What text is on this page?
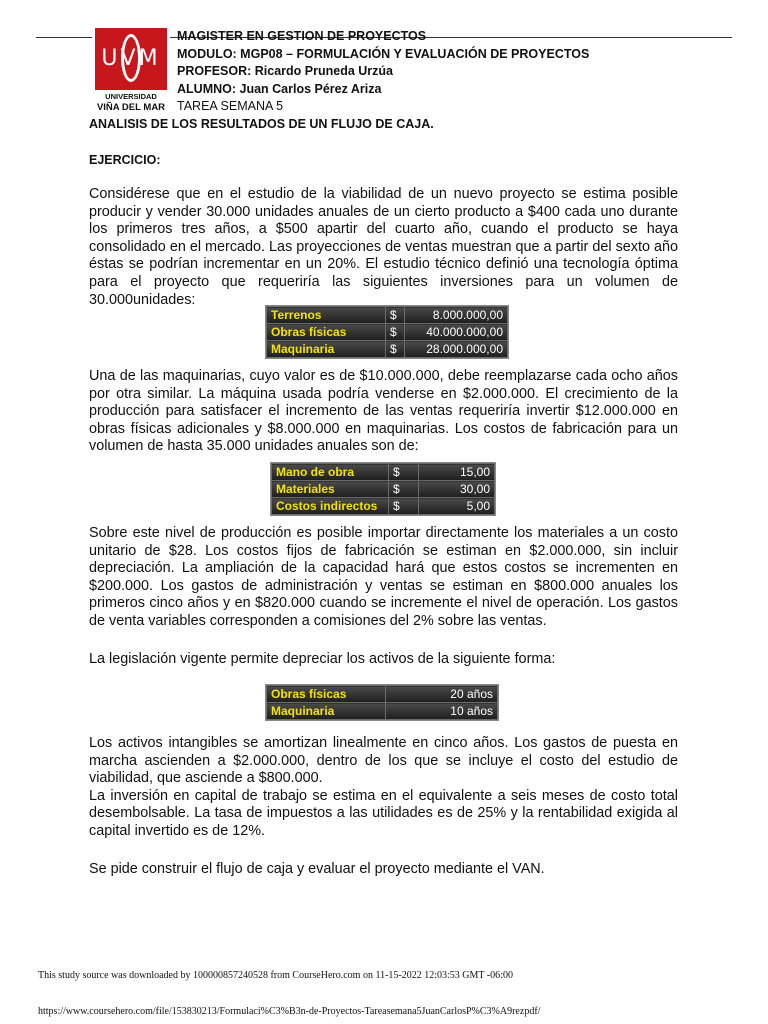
UVM
UNIVERSIDAD
VIÑA DEL MAR
MAGISTER EN GESTION DE PROYECTOS
MODULO: MGP08 – FORMULACIÓN Y EVALUACIÓN DE PROYECTOS
PROFESOR: Ricardo Pruneda Urzúa
ALUMNO: Juan Carlos Pérez Ariza
TAREA SEMANA 5
ANALISIS DE LOS RESULTADOS DE UN FLUJO DE CAJA.
EJERCICIO:
Considérese que en el estudio de la viabilidad de un nuevo proyecto se estima posible producir y vender 30.000 unidades anuales de un cierto producto a $400 cada uno durante los primeros tres años, a $500 apartir del cuarto año, cuando el producto se haya consolidado en el mercado. Las proyecciones de ventas muestran que a partir del sexto año éstas se podrían incrementar en un 20%. El estudio técnico definió una tecnología óptima para el proyecto que requeriría las siguientes inversiones para un volumen de 30.000unidades:
Terrenos	$	8.000.000,00
Obras físicas	$	40.000.000,00
Maquinaria	$	28.000.000,00
Una de las maquinarias, cuyo valor es de $10.000.000, debe reemplazarse cada ocho años por otra similar. La máquina usada podría venderse en $2.000.000. El crecimiento de la producción para satisfacer el incremento de las ventas requeriría invertir $12.000.000 en obras físicas adicionales y $8.000.000 en maquinarias. Los costos de fabricación para un volumen de hasta 35.000 unidades anuales son de:
Mano de obra	$	15,00
Materiales	$	30,00
Costos indirectos	$	5,00
Sobre este nivel de producción es posible importar directamente los materiales a un costo unitario de $28. Los costos fijos de fabricación se estiman en $2.000.000, sin incluir depreciación. La ampliación de la capacidad hará que estos costos se incrementen en $200.000. Los gastos de administración y ventas se estiman en $800.000 anuales los primeros cinco años y en $820.000 cuando se incremente el nivel de operación. Los gastos de venta variables corresponden a comisiones del 2% sobre las ventas.
La legislación vigente permite depreciar los activos de la siguiente forma:
Obras físicas	20 años
Maquinaria	10 años

Los activos intangibles se amortizan linealmente en cinco años. Los gastos de puesta en marcha ascienden a $2.000.000, dentro de los que se incluye el costo del estudio de viabilidad, que asciende a $800.000.

La inversión en capital de trabajo se estima en el equivalente a seis meses de costo total desembolsable. La tasa de impuestos a las utilidades es de 25% y la rentabilidad exigida al capital invertido es de 12%.

Se pide construir el flujo de caja y evaluar el proyecto mediante el VAN.
This study source was downloaded by 100000857240528 from CourseHero.com on 11-15-2022 12:03:53 GMT -06:00
https://www.coursehero.com/file/153830213/Formulaci%C3%B3n-de-Proyectos-Tareasemana5JuanCarlosP%C3%A9rezpdf/
